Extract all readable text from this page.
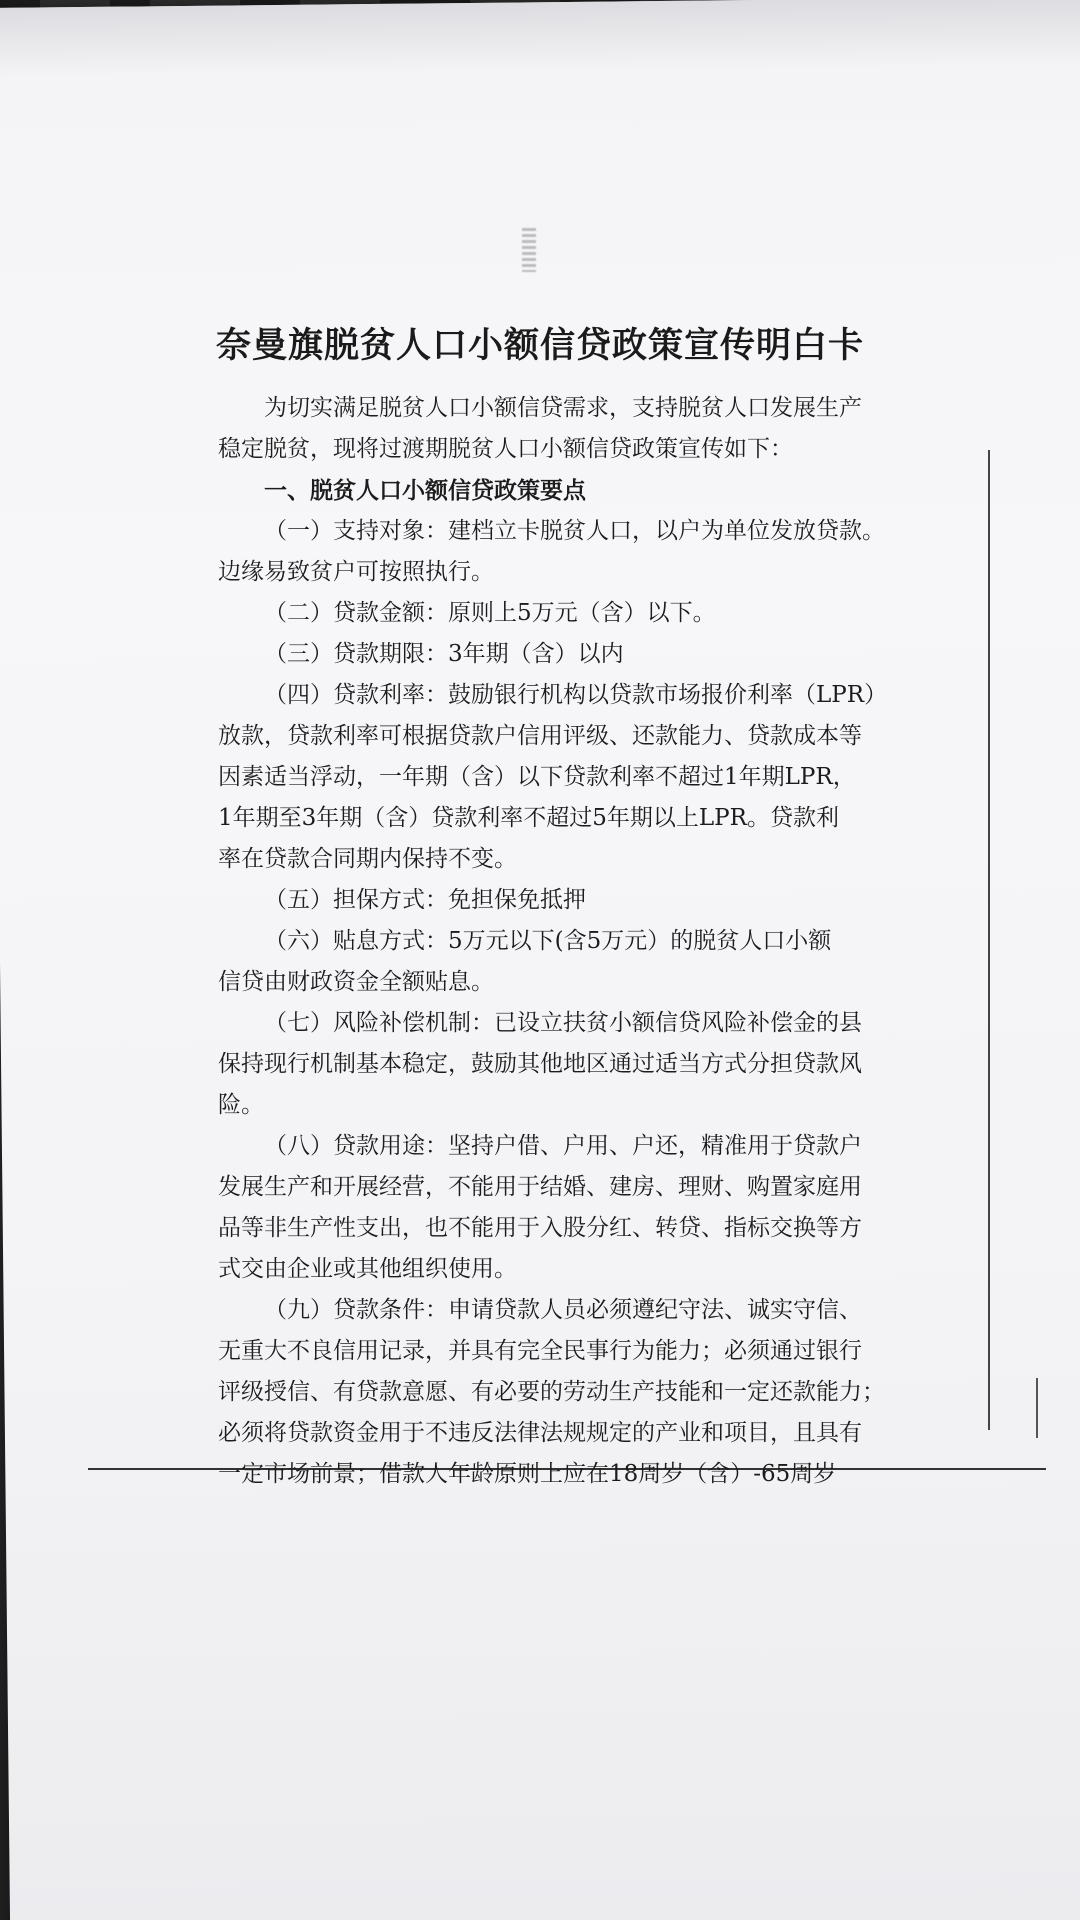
奈曼旗脱贫人口小额信贷政策宣传明白卡
为切实满足脱贫人口小额信贷需求，支持脱贫人口发展生产
稳定脱贫，现将过渡期脱贫人口小额信贷政策宣传如下：
一、脱贫人口小额信贷政策要点
（一）支持对象：建档立卡脱贫人口，以户为单位发放贷款。
边缘易致贫户可按照执行。
（二）贷款金额：原则上5万元（含）以下。
（三）贷款期限：3年期（含）以内
（四）贷款利率：鼓励银行机构以贷款市场报价利率（LPR）
放款，贷款利率可根据贷款户信用评级、还款能力、贷款成本等
因素适当浮动，一年期（含）以下贷款利率不超过1年期LPR，
1年期至3年期（含）贷款利率不超过5年期以上LPR。贷款利
率在贷款合同期内保持不变。
（五）担保方式：免担保免抵押
（六）贴息方式：5万元以下(含5万元）的脱贫人口小额
信贷由财政资金全额贴息。
（七）风险补偿机制：已设立扶贫小额信贷风险补偿金的县
保持现行机制基本稳定，鼓励其他地区通过适当方式分担贷款风
险。
（八）贷款用途：坚持户借、户用、户还，精准用于贷款户
发展生产和开展经营，不能用于结婚、建房、理财、购置家庭用
品等非生产性支出，也不能用于入股分红、转贷、指标交换等方
式交由企业或其他组织使用。
（九）贷款条件：申请贷款人员必须遵纪守法、诚实守信、
无重大不良信用记录，并具有完全民事行为能力；必须通过银行
评级授信、有贷款意愿、有必要的劳动生产技能和一定还款能力；
必须将贷款资金用于不违反法律法规规定的产业和项目，且具有
一定市场前景；借款人年龄原则上应在18周岁（含）-65周岁
